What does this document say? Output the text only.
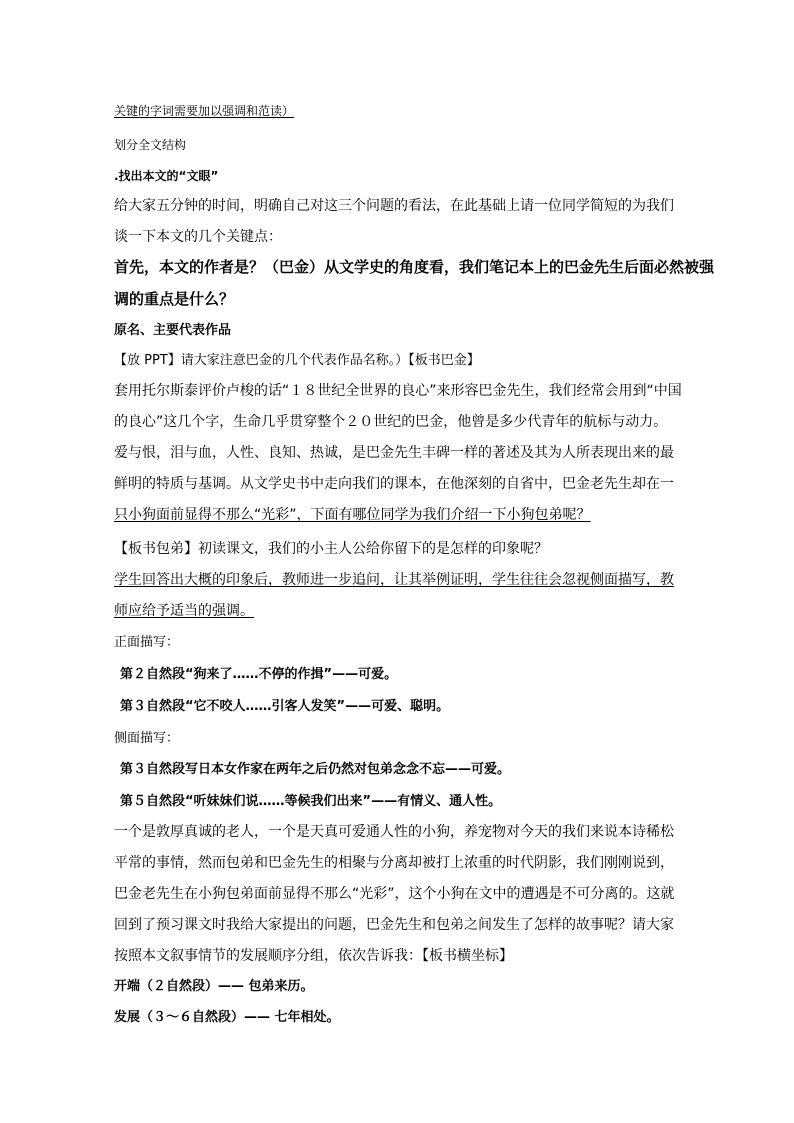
关键的字词需要加以强调和范读）
划分全文结构
.找出本文的“文眼”
给大家五分钟的时间，明确自己对这三个问题的看法，在此基础上请一位同学简短的为我们
谈一下本文的几个关键点：
首先，本文的作者是？（巴金）从文学史的角度看，我们笔记本上的巴金先生后面必然被强
调的重点是什么？
原名、主要代表作品
【放 PPT】请大家注意巴金的几个代表作品名称。）【板书巴金】
套用托尔斯泰评价卢梭的话“１８世纪全世界的良心”来形容巴金先生，我们经常会用到“中国
的良心”这几个字，生命几乎贯穿整个２０世纪的巴金，他曾是多少代青年的航标与动力。
爱与恨，泪与血，人性、良知、热诚，是巴金先生丰碑一样的著述及其为人所表现出来的最
鲜明的特质与基调。从文学史书中走向我们的课本，在他深刻的自省中，巴金老先生却在一
只小狗面前显得不那么“光彩”，下面有哪位同学为我们介绍一下小狗包弟呢？
【板书包弟】初读课文，我们的小主人公给你留下的是怎样的印象呢？
学生回答出大概的印象后，教师进一步追问，让其举例证明，学生往往会忽视侧面描写，教
师应给予适当的强调。
正面描写：
第２自然段“狗来了……不停的作揖”——可爱。
第３自然段“它不咬人……引客人发笑”——可爱、聪明。
侧面描写：
第３自然段写日本女作家在两年之后仍然对包弟念念不忘——可爱。
第５自然段“听妹妹们说……等候我们出来”——有情义、通人性。
一个是敦厚真诚的老人，一个是天真可爱通人性的小狗，养宠物对今天的我们来说本诗稀松
平常的事情，然而包弟和巴金先生的相聚与分离却被打上浓重的时代阴影，我们刚刚说到，
巴金老先生在小狗包弟面前显得不那么“光彩”，这个小狗在文中的遭遇是不可分离的。这就
回到了预习课文时我给大家提出的问题，巴金先生和包弟之间发生了怎样的故事呢？请大家
按照本文叙事情节的发展顺序分组，依次告诉我：【板书横坐标】
开端（２自然段）—— 包弟来历。
发展（３～６自然段）—— 七年相处。
